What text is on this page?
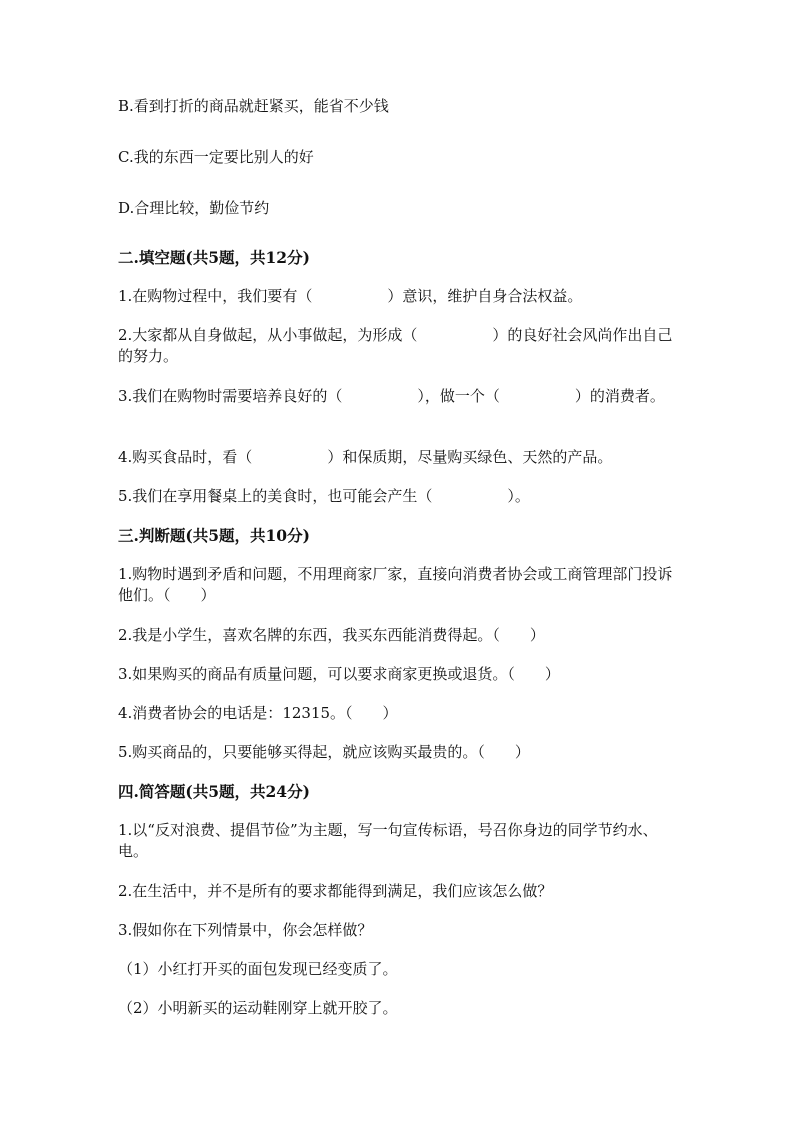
B.看到打折的商品就赶紧买，能省不少钱
C.我的东西一定要比别人的好
D.合理比较，勤俭节约
二.填空题(共5题，共12分)
1.在购物过程中，我们要有（　　　　　）意识，维护自身合法权益。
2.大家都从自身做起，从小事做起，为形成（　　　　　）的良好社会风尚作出自己的努力。
3.我们在购物时需要培养良好的（　　　　　），做一个（　　　　　）的消费者。
4.购买食品时，看（　　　　　）和保质期，尽量购买绿色、天然的产品。
5.我们在享用餐桌上的美食时，也可能会产生（　　　　　）。
三.判断题(共5题，共10分)
1.购物时遇到矛盾和问题，不用理商家厂家，直接向消费者协会或工商管理部门投诉他们。（　　）
2.我是小学生，喜欢名牌的东西，我买东西能消费得起。（　　）
3.如果购买的商品有质量问题，可以要求商家更换或退货。（　　）
4.消费者协会的电话是：12315。（　　）
5.购买商品的，只要能够买得起，就应该购买最贵的。（　　）
四.简答题(共5题，共24分)
1.以“反对浪费、提倡节俭”为主题，写一句宣传标语，号召你身边的同学节约水、电。
2.在生活中，并不是所有的要求都能得到满足，我们应该怎么做？
3.假如你在下列情景中，你会怎样做？
（1）小红打开买的面包发现已经变质了。
（2）小明新买的运动鞋刚穿上就开胶了。
